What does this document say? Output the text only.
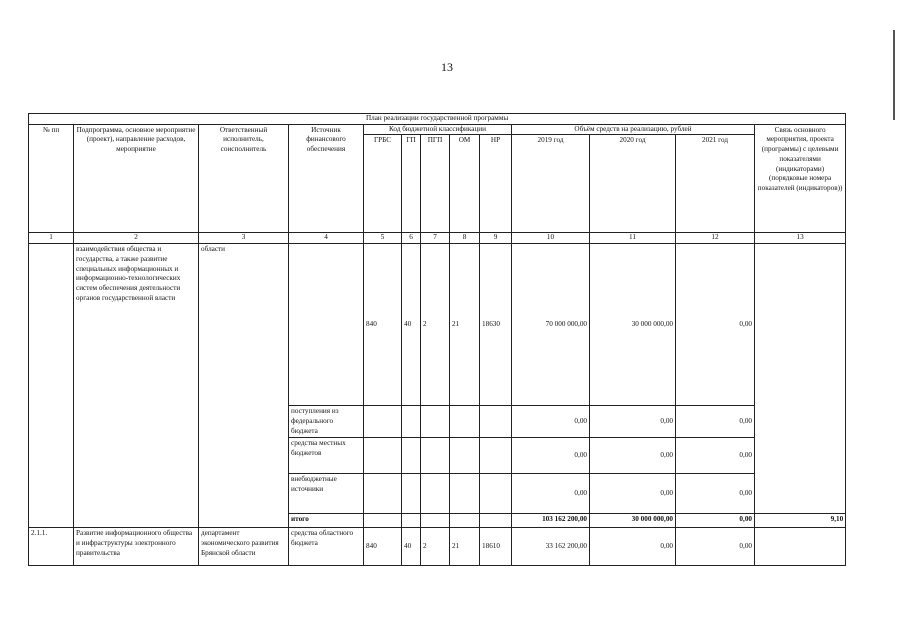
13
План реализации государственной программы												
№ пп	Подпрограмма, основное мероприятие (проект), направление расходов, мероприятие	Ответственный исполнитель, соисполнитель	Источник финансового обеспечения	Код бюджетной классификации					Объём средств на реализацию, рублей			Связь основного мероприятия, проекта (программы) с целевыми показателями (индикаторами) (порядковые номера показателей (индикаторов))
				ГРБС	ГП	ПГП	ОМ	НР	2019 год	2020 год	2021 год	
1	2	3	4	5	6	7	8	9	10	11	12	13
	взаимодействия общества и государства, а также развитие специальных информационных и информационно-технологических систем обеспечения деятельности органов государственной власти	области		840	40	2	21	18630	70 000 000,00	30 000 000,00	0,00	
			поступления из федерального бюджета						0,00	0,00	0,00	
			средства местных бюджетов						0,00	0,00	0,00	
			внебюджетные источники						0,00	0,00	0,00	
			итого						103 162 200,00	30 000 000,00	0,00	9,10
2.1.1.	Развитие информационного общества и инфраструктуры электронного правительства	департамент экономического развития Брянской области	средства областного бюджета	840	40	2	21	18610	33 162 200,00	0,00	0,00	
